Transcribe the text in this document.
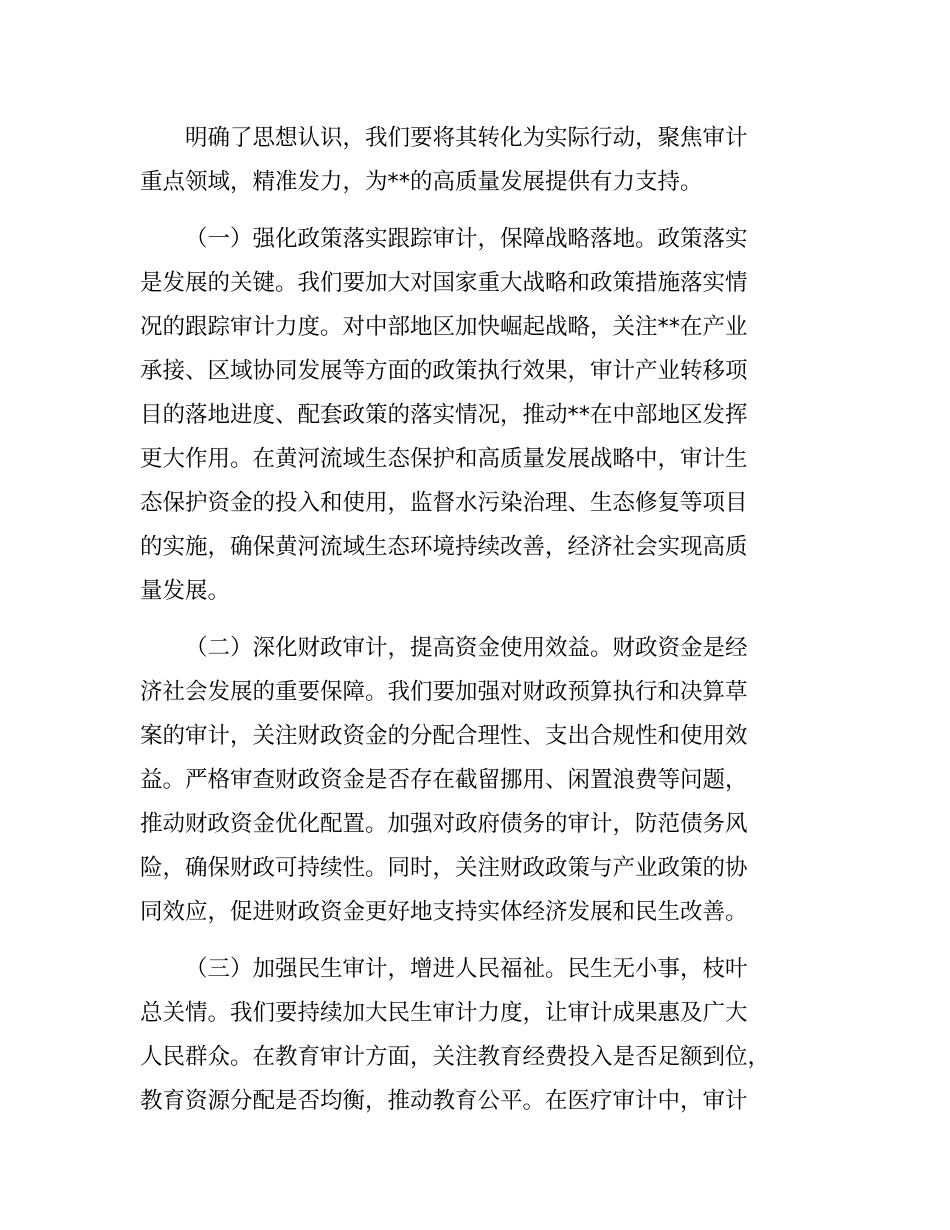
明确了思想认识，我们要将其转化为实际行动，聚焦审计
重点领域，精准发力，为**的高质量发展提供有力支持。
（一）强化政策落实跟踪审计，保障战略落地。政策落实
是发展的关键。我们要加大对国家重大战略和政策措施落实情
况的跟踪审计力度。对中部地区加快崛起战略，关注**在产业
承接、区域协同发展等方面的政策执行效果，审计产业转移项
目的落地进度、配套政策的落实情况，推动**在中部地区发挥
更大作用。在黄河流域生态保护和高质量发展战略中，审计生
态保护资金的投入和使用，监督水污染治理、生态修复等项目
的实施，确保黄河流域生态环境持续改善，经济社会实现高质
量发展。
（二）深化财政审计，提高资金使用效益。财政资金是经
济社会发展的重要保障。我们要加强对财政预算执行和决算草
案的审计，关注财政资金的分配合理性、支出合规性和使用效
益。严格审查财政资金是否存在截留挪用、闲置浪费等问题，
推动财政资金优化配置。加强对政府债务的审计，防范债务风
险，确保财政可持续性。同时，关注财政政策与产业政策的协
同效应，促进财政资金更好地支持实体经济发展和民生改善。
（三）加强民生审计，增进人民福祉。民生无小事，枝叶
总关情。我们要持续加大民生审计力度，让审计成果惠及广大
人民群众。在教育审计方面，关注教育经费投入是否足额到位，
教育资源分配是否均衡，推动教育公平。在医疗审计中，审计
